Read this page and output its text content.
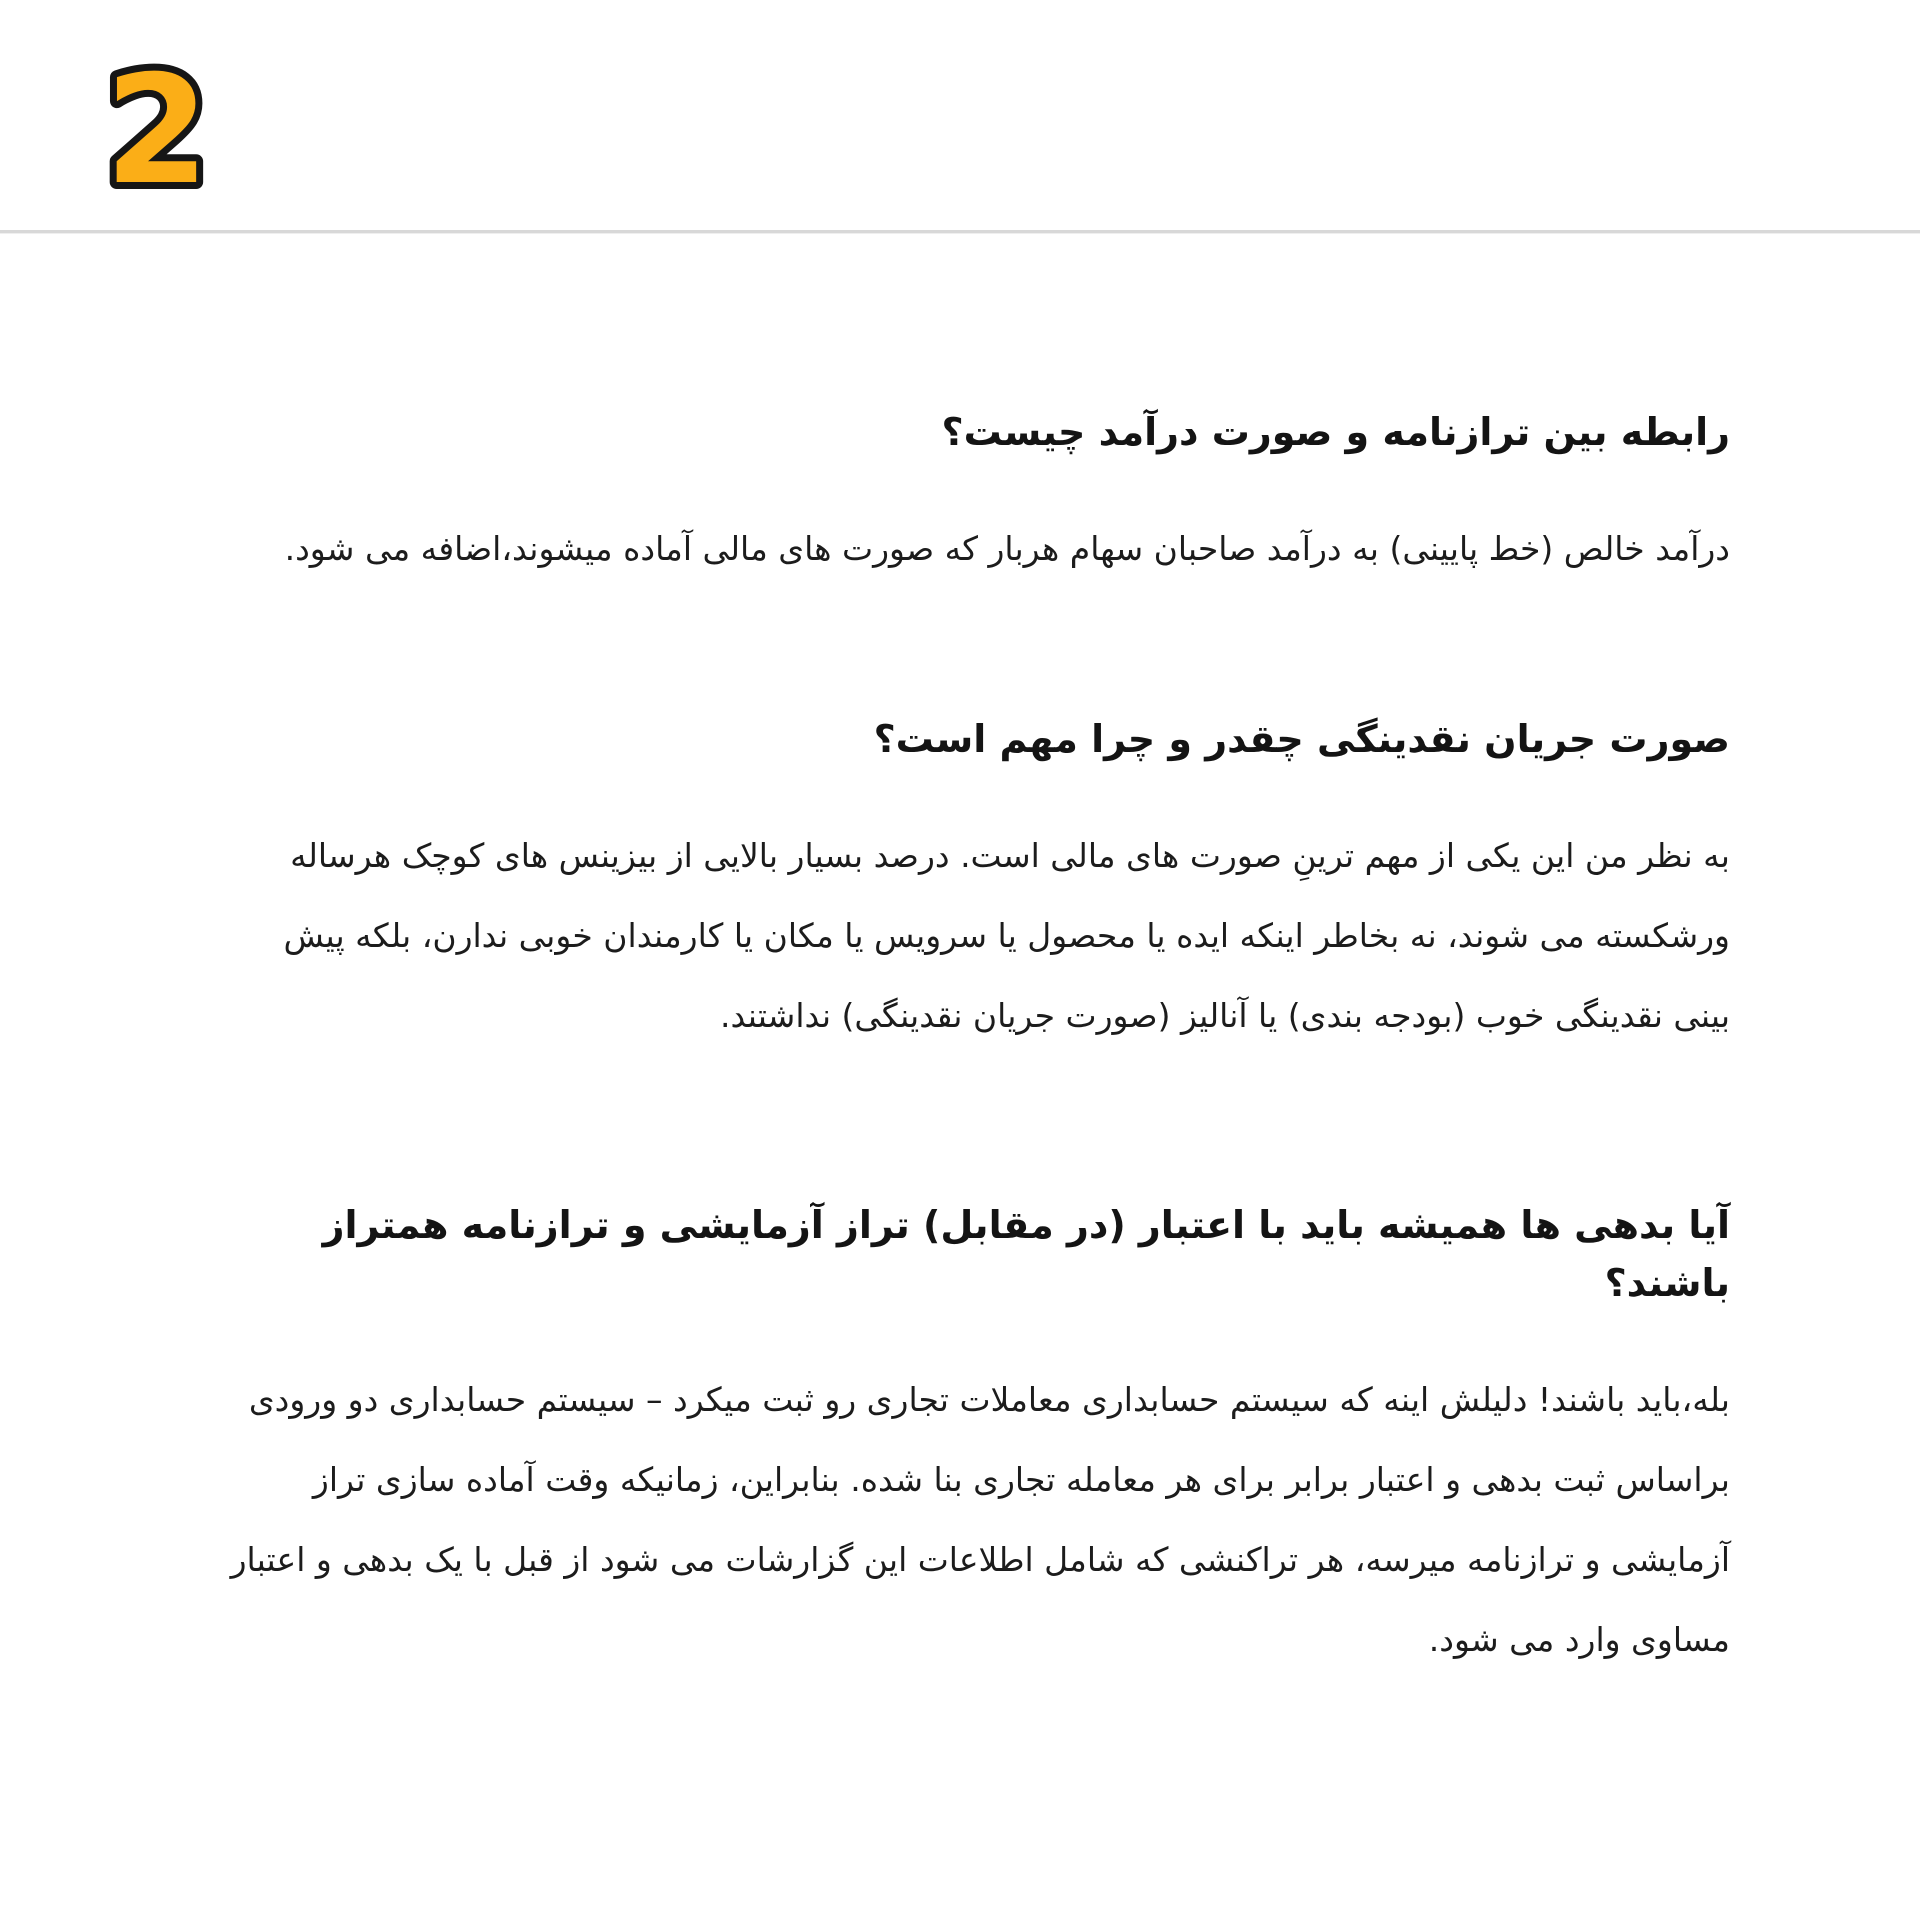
2
رابطه بین ترازنامه و صورت درآمد چیست؟

درآمد خالص (خط پایینی) به درآمد صاحبان سهام هربار که صورت های مالی آماده میشوند،اضافه می شود.

صورت جریان نقدینگی چقدر و چرا مهم است؟

به نظر من این یکی از مهم ترینِ صورت های مالی است. درصد بسیار بالایی از بیزینس های کوچک هرساله ورشکسته می شوند، نه بخاطر اینکه ایده یا محصول یا سرویس یا مکان یا کارمندان خوبی ندارن، بلکه پیش بینی نقدینگی خوب (بودجه بندی) یا آنالیز (صورت جریان نقدینگی) نداشتند.

آیا بدهی ها همیشه باید با اعتبار (در مقابل) تراز آزمایشی و ترازنامه همتراز باشند؟

بله،باید باشند! دلیلش اینه که سیستم حسابداری معاملات تجاری رو ثبت میکرد – سیستم حسابداری دو ورودی براساس ثبت بدهی و اعتبار برابر برای هر معامله تجاری بنا شده. بنابراین، زمانیکه وقت آماده سازی تراز آزمایشی و ترازنامه میرسه، هر تراکنشی که شامل اطلاعات این گزارشات می شود از قبل با یک بدهی و اعتبار مساوی وارد می شود.
